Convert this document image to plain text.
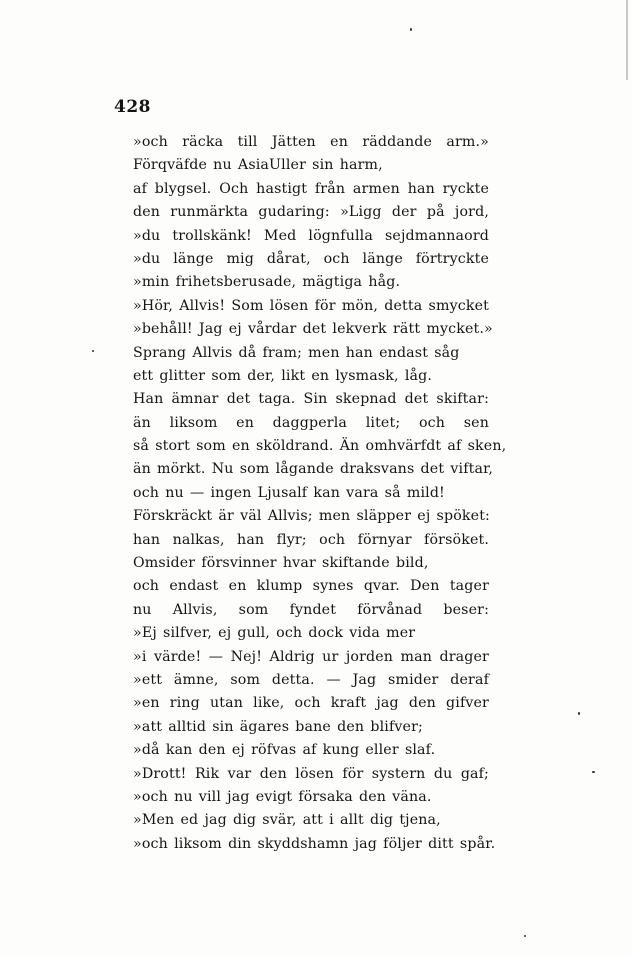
428
»och räcka till Jätten en räddande arm.»
Förqväfde nu AsiaUller sin harm,
af blygsel. Och hastigt från armen han ryckte
den runmärkta gudaring: »Ligg der på jord,
»du trollskänk! Med lögnfulla sejdmannaord
»du länge mig dårat, och länge förtryckte
»min frihetsberusade, mägtiga håg.
»Hör, Allvis! Som lösen för mön, detta smycket
»behåll! Jag ej vårdar det lekverk rätt mycket.»
Sprang Allvis då fram; men han endast såg
ett glitter som der, likt en lysmask, låg.
Han ämnar det taga. Sin skepnad det skiftar:
än liksom en daggperla litet; och sen
så stort som en sköldrand. Än omhvärfdt af sken,
än mörkt. Nu som lågande draksvans det viftar,
och nu — ingen Ljusalf kan vara så mild!
Förskräckt är väl Allvis; men släpper ej spöket:
han nalkas, han flyr; och förnyar försöket.
Omsider försvinner hvar skiftande bild,
och endast en klump synes qvar. Den tager
nu Allvis, som fyndet förvånad beser:
»Ej silfver, ej gull, och dock vida mer
»i värde! — Nej! Aldrig ur jorden man drager
»ett ämne, som detta. — Jag smider deraf
»en ring utan like, och kraft jag den gifver
»att alltid sin ägares bane den blifver;
»då kan den ej röfvas af kung eller slaf.
»Drott! Rik var den lösen för systern du gaf;
»och nu vill jag evigt försaka den väna.
»Men ed jag dig svär, att i allt dig tjena,
»och liksom din skyddshamn jag följer ditt spår.
